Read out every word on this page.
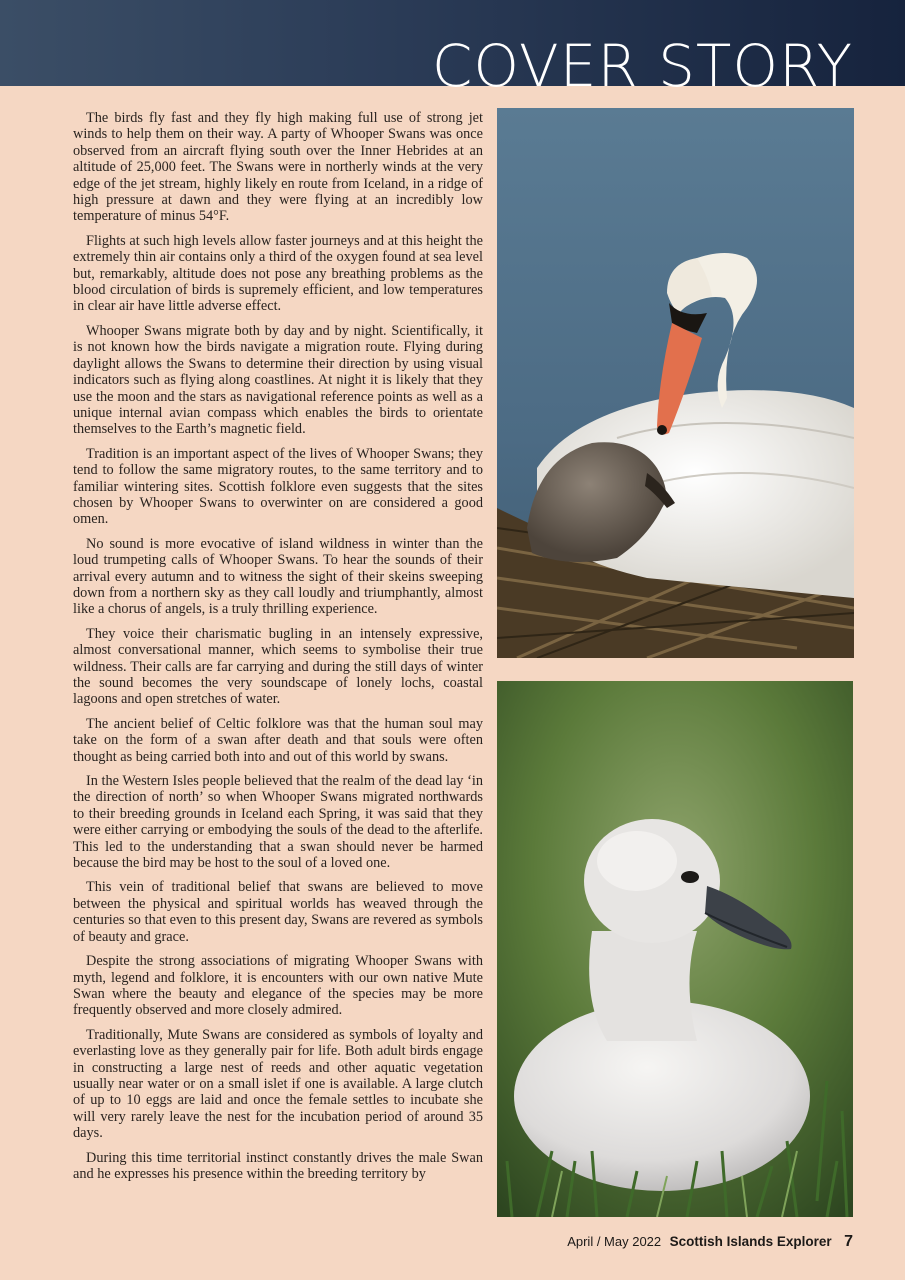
COVER STORY

The birds fly fast and they fly high making full use of strong jet winds to help them on their way. A party of Whooper Swans was once observed from an aircraft flying south over the Inner Hebrides at an altitude of 25,000 feet. The Swans were in northerly winds at the very edge of the jet stream, highly likely en route from Iceland, in a ridge of high pressure at dawn and they were flying at an incredibly low temperature of minus 54°F.

Flights at such high levels allow faster journeys and at this height the extremely thin air contains only a third of the oxygen found at sea level but, remarkably, altitude does not pose any breathing problems as the blood circulation of birds is supremely efficient, and low temperatures in clear air have little adverse effect.

Whooper Swans migrate both by day and by night. Scientifically, it is not known how the birds navigate a migration route. Flying during daylight allows the Swans to determine their direction by using visual indicators such as flying along coastlines. At night it is likely that they use the moon and the stars as navigational reference points as well as a unique internal avian compass which enables the birds to orientate themselves to the Earth’s magnetic field.

Tradition is an important aspect of the lives of Whooper Swans; they tend to follow the same migratory routes, to the same territory and to familiar wintering sites. Scottish folklore even suggests that the sites chosen by Whooper Swans to overwinter on are considered a good omen.

No sound is more evocative of island wildness in winter than the loud trumpeting calls of Whooper Swans. To hear the sounds of their arrival every autumn and to witness the sight of their skeins sweeping down from a northern sky as they call loudly and triumphantly, almost like a chorus of angels, is a truly thrilling experience.

They voice their charismatic bugling in an intensely expressive, almost conversational manner, which seems to symbolise their true wildness. Their calls are far carrying and during the still days of winter the sound becomes the very soundscape of lonely lochs, coastal lagoons and open stretches of water.

The ancient belief of Celtic folklore was that the human soul may take on the form of a swan after death and that souls were often thought as being carried both into and out of this world by swans.

In the Western Isles people believed that the realm of the dead lay ‘in the direction of north’ so when Whooper Swans migrated northwards to their breeding grounds in Iceland each Spring, it was said that they were either carrying or embodying the souls of the dead to the afterlife. This led to the understanding that a swan should never be harmed because the bird may be host to the soul of a loved one.

This vein of traditional belief that swans are believed to move between the physical and spiritual worlds has weaved through the centuries so that even to this present day, Swans are revered as symbols of beauty and grace.

Despite the strong associations of migrating Whooper Swans with myth, legend and folklore, it is encounters with our own native Mute Swan where the beauty and elegance of the species may be more frequently observed and more closely admired.

Traditionally, Mute Swans are considered as symbols of loyalty and everlasting love as they generally pair for life. Both adult birds engage in constructing a large nest of reeds and other aquatic vegetation usually near water or on a small islet if one is available. A large clutch of up to 10 eggs are laid and once the female settles to incubate she will very rarely leave the nest for the incubation period of around 35 days.

During this time territorial instinct constantly drives the male Swan and he expresses his presence within the breeding territory by

April / May 2022 Scottish Islands Explorer 7
